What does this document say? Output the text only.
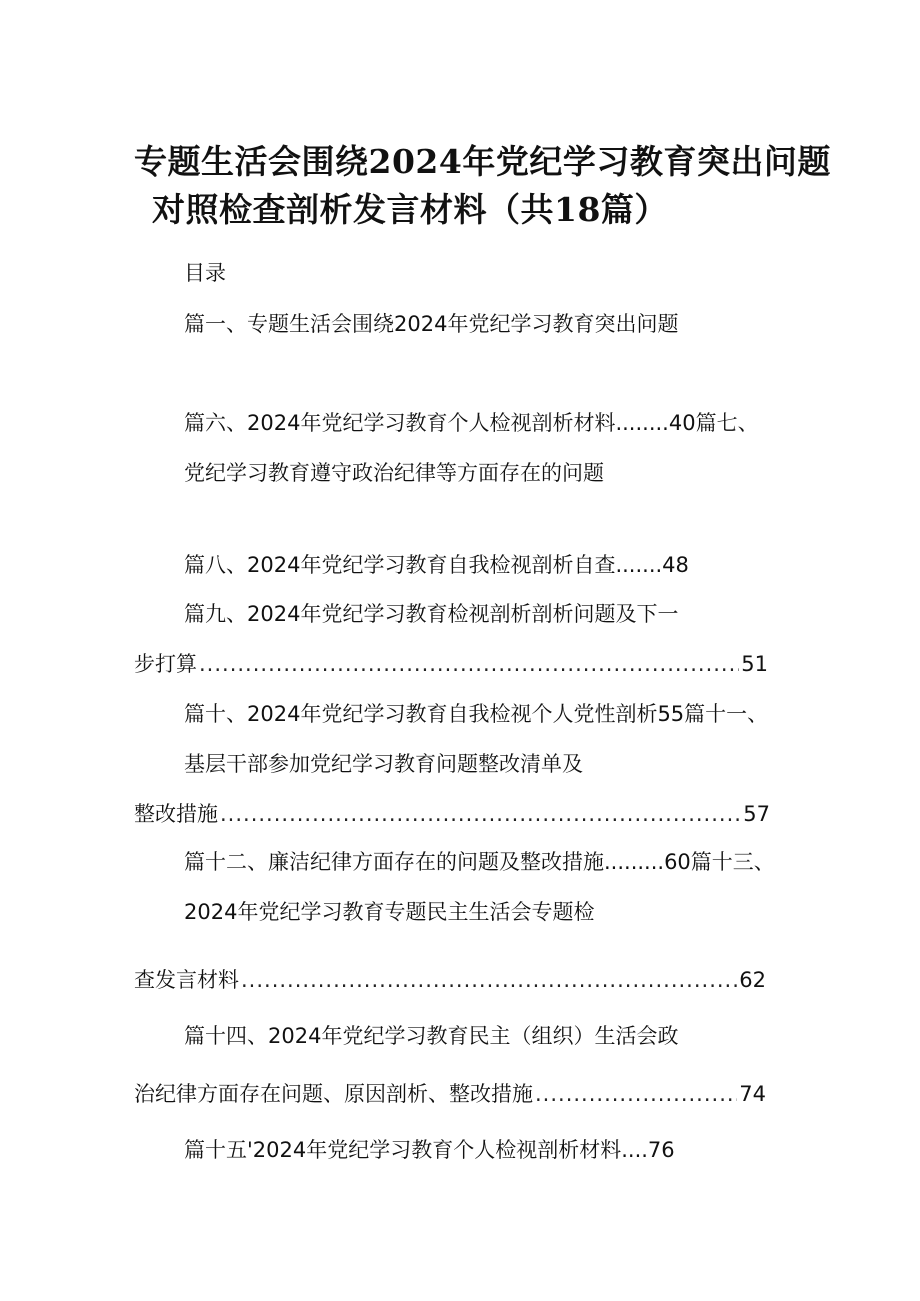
专题生活会围绕2024年党纪学习教育突出问题
对照检查剖析发言材料（共18篇）
目录
篇一、专题生活会围绕2024年党纪学习教育突出问题
篇六、2024年党纪学习教育个人检视剖析材料........40篇七、
党纪学习教育遵守政治纪律等方面存在的问题
篇八、2024年党纪学习教育自我检视剖析自查.......48
篇九、2024年党纪学习教育检视剖析剖析问题及下一
步打算 .....	51
篇十、2024年党纪学习教育自我检视个人党性剖析55篇十一、
基层干部参加党纪学习教育问题整改清单及
整改措施 .....	57
篇十二、廉洁纪律方面存在的问题及整改措施.........60篇十三、
2024年党纪学习教育专题民主生活会专题检
查发言材料 .....	62
篇十四、2024年党纪学习教育民主（组织）生活会政
治纪律方面存在问题、原因剖析、整改措施 .....	74
篇十五'2024年党纪学习教育个人检视剖析材料....76
